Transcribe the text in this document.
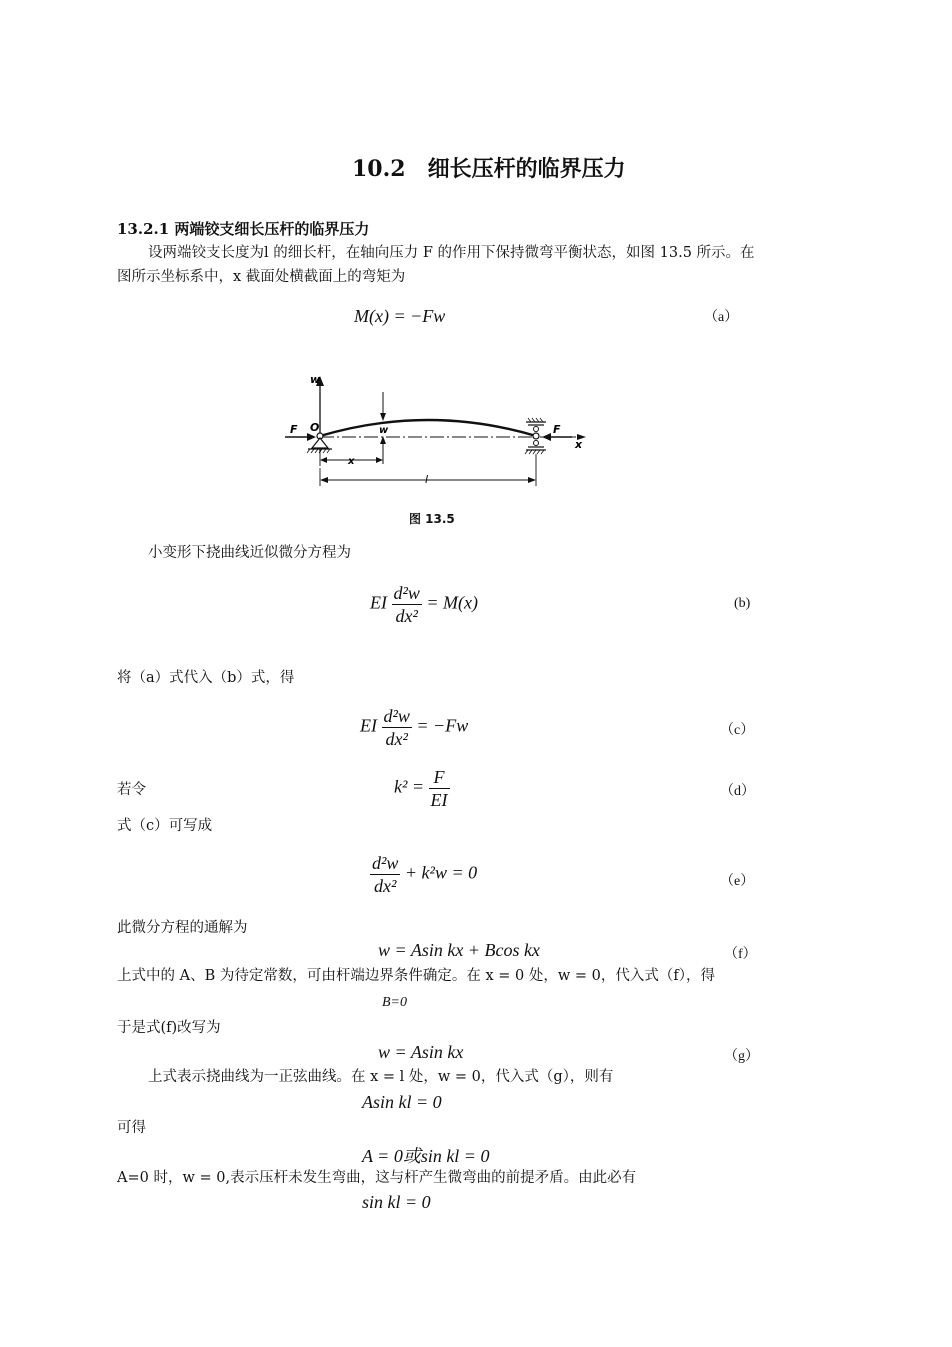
10.2　细长压杆的临界压力
13.2.1 两端铰支细长压杆的临界压力
设两端铰支长度为l 的细长杆，在轴向压力 F 的作用下保持微弯平衡状态，如图 13.5 所示。在
图所示坐标系中，x 截面处横截面上的弯矩为
M(x) = −Fw	（a）
w
F O	w	F
x
x
l
图 13.5
小变形下挠曲线近似微分方程为
EI $\frac{\text{d²w}}{\text{dx²}} = M(x)$	(b)
将（a）式代入（b）式，得
EI $\frac{\text{d²w}}{\text{dx²}} = -Fw$	（c）
若令	$k^2 = \frac{F}{EI}$	（d）
式（c）可写成
$\frac{\text{d²w}}{\text{dx²}} + k^2w = 0$	（e）
此微分方程的通解为
w = Asin kx + Bcos kx	（f）
上式中的 A、B 为待定常数，可由杆端边界条件确定。在 x = 0 处，w = 0，代入式（f），得
B=0
于是式(f)改写为
w = Asin kx	（g）
上式表示挠曲线为一正弦曲线。在 x = l 处，w = 0，代入式（g），则有
Asin kl = 0
可得
A = 0或sin kl = 0
A=0 时，w = 0,表示压杆未发生弯曲，这与杆产生微弯曲的前提矛盾。由此必有
sin kl = 0
